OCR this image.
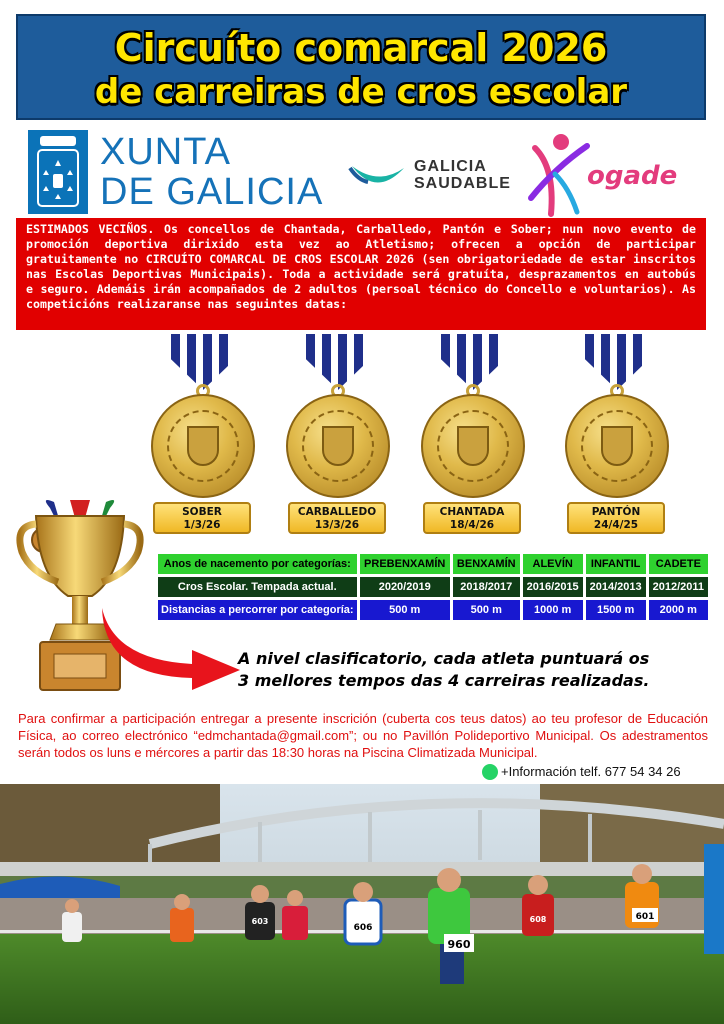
Circuíto comarcal 2026
de carreiras de cros escolar
XUNTA
DE GALICIA
GALICIA
SAUDABLE	ogade
ESTIMADOS VECIÑOS. Os concellos de Chantada, Carballedo, Pantón e Sober; nun novo evento de promoción deportiva dirixido esta vez ao Atletismo; ofrecen a opción de participar gratuitamente no CIRCUÍTO COMARCAL DE CROS ESCOLAR 2026 (sen obrigatoriedade de estar inscritos nas Escolas Deportivas Municipais). Toda a actividade será gratuíta, desprazamentos en autobús e seguro. Ademáis irán acompañados de 2 adultos (persoal técnico do Concello e voluntarios). As competicións realizaranse nas seguintes datas:
SOBER
1/3/26
CARBALLEDO
13/3/26
CHANTADA
18/4/26
PANTÓN
24/4/25
Anos de nacemento por categorías:	PREBENXAMÍN	BENXAMÍN	ALEVÍN	INFANTIL	CADETE
Cros Escolar. Tempada actual.	2020/2019	2018/2017	2016/2015	2014/2013	2012/2011
Distancias a percorrer por categoría:	500 m	500 m	1000 m	1500 m	2000 m
A nivel clasificatorio, cada atleta puntuará os
3 mellores tempos das 4 carreiras realizadas.
Para confirmar a participación entregar a presente inscrición (cuberta cos teus datos) ao teu profesor de Educación Física, ao correo electrónico “edmchantada@gmail.com”; ou no Pavillón Polideportivo Municipal. Os adestramentos serán todos os luns e mércores a partir das 18:30 horas na Piscina Climatizada Municipal.
+Información telf. 677 54 34 26
960
601
606
603	608
